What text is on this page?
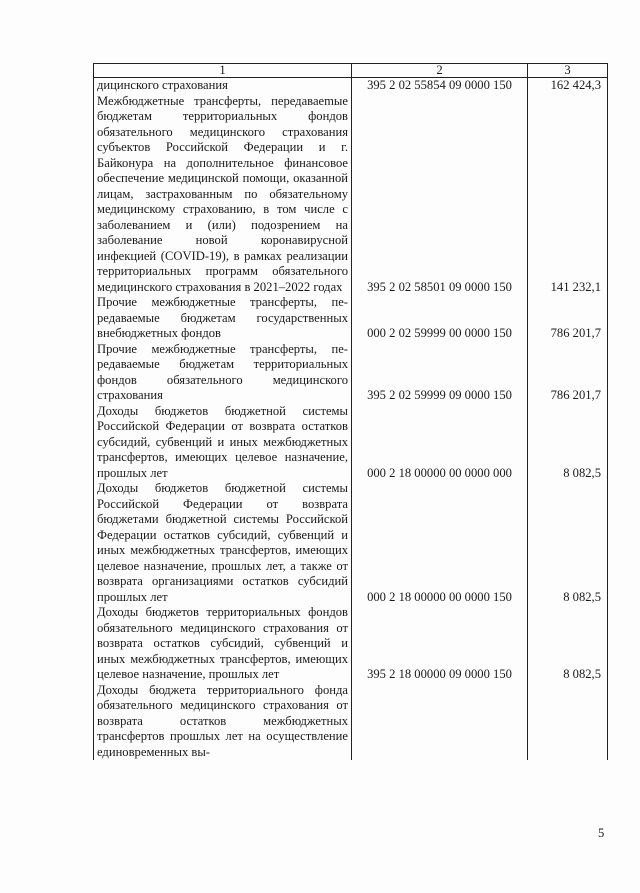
1	2	3
дицинского страхования	395 2 02 55854 09 0000 150	162 424,3
Межбюджетные трансферты, передаваеmые бюджетам территориальных фондов обязательного медицинского страхования субъектов Российской Федерации и г. Байконура на дополнительное финансовое обеспечение медицинской помощи, оказанной лицам, застрахованным по обязательному медицинскому страхованию, в том числе с заболеванием и (или) подозрением на заболевание новой коронавирусной инфекцией (COVID-19), в рамках реализации территориальных программ обязательного медицинского страхования в 2021–2022 годах	395 2 02 58501 09 0000 150	141 232,1
Прочие межбюджетные трансферты, передаваемые бюджетам государственных внебюджетных фондов	000 2 02 59999 00 0000 150	786 201,7
Прочие межбюджетные трансферты, передаваемые бюджетам территориальных фондов обязательного медицинского страхования	395 2 02 59999 09 0000 150	786 201,7
Доходы бюджетов бюджетной системы Российской Федерации от возврата остатков субсидий, субвенций и иных межбюджетных трансфертов, имеющих целевое назначение, прошлых лет	000 2 18 00000 00 0000 000	8 082,5
Доходы бюджетов бюджетной системы Российской Федерации от возврата бюджетами бюджетной системы Российской Федерации остатков субсидий, субвенций и иных межбюджетных трансфертов, имеющих целевое назначение, прошлых лет, а также от возврата организациями остатков субсидий прошлых лет	000 2 18 00000 00 0000 150	8 082,5
Доходы бюджетов территориальных фондов обязательного медицинского страхования от возврата остатков субсидий, субвенций и иных межбюджетных трансфертов, имеющих целевое назначение, прошлых лет	395 2 18 00000 09 0000 150	8 082,5
Доходы бюджета территориального фонда обязательного медицинского страхования от возврата остатков межбюджетных трансфертов прошлых лет на осуществление единовременных вы-		
5
